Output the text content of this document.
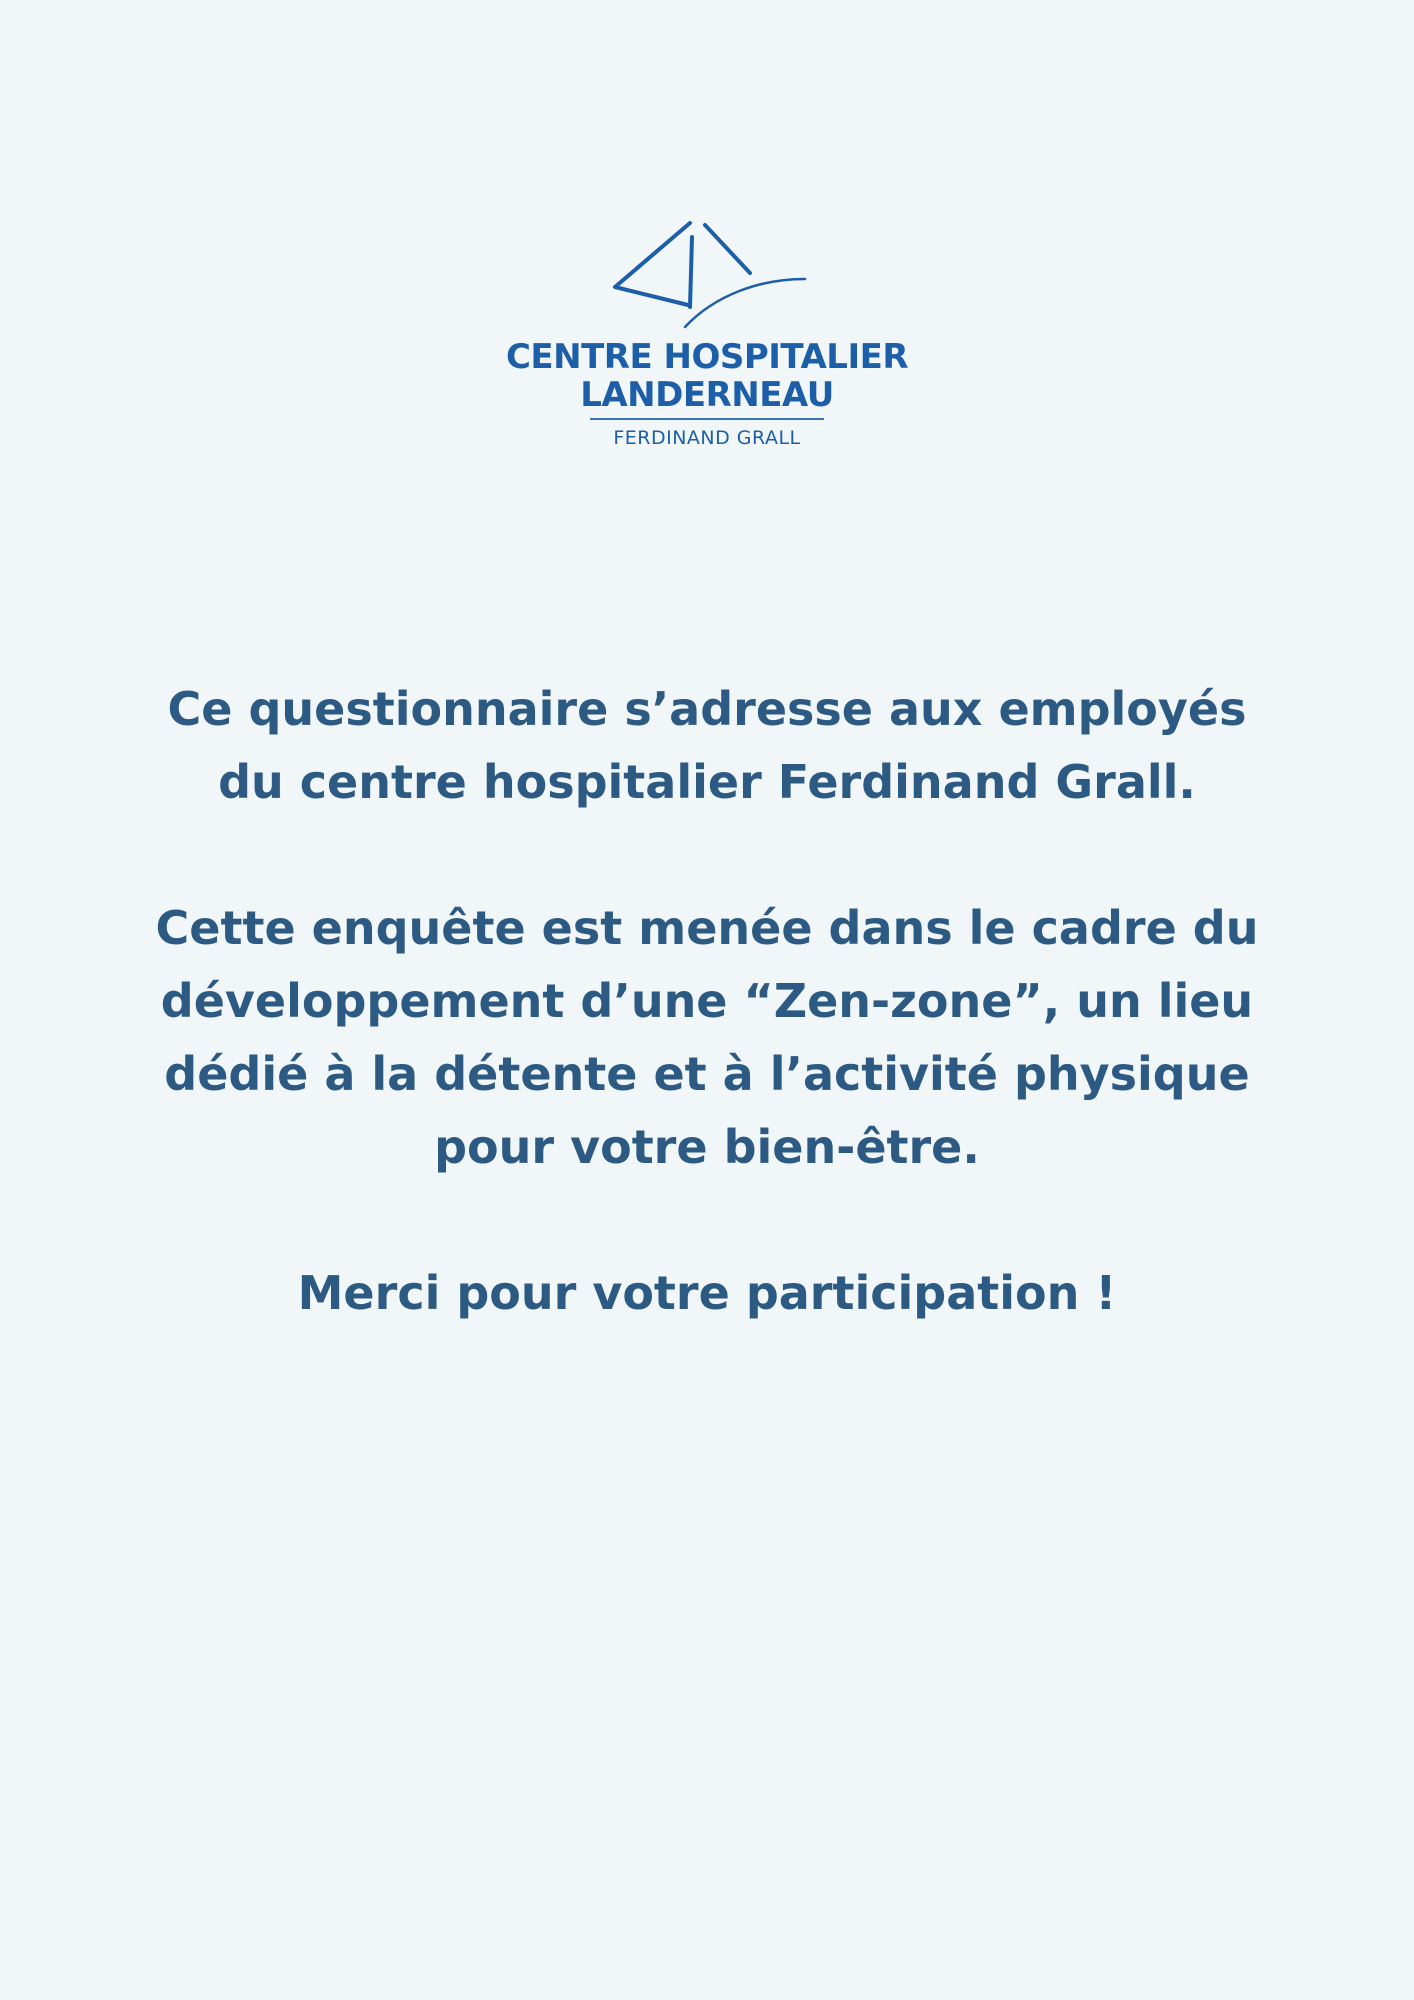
CENTRE HOSPITALIER
LANDERNEAU
FERDINAND GRALL

Ce questionnaire s’adresse aux employés du centre hospitalier Ferdinand Grall.

Cette enquête est menée dans le cadre du développement d’une “Zen-zone”, un lieu dédié à la détente et à l’activité physique pour votre bien-être.

Merci pour votre participation !
